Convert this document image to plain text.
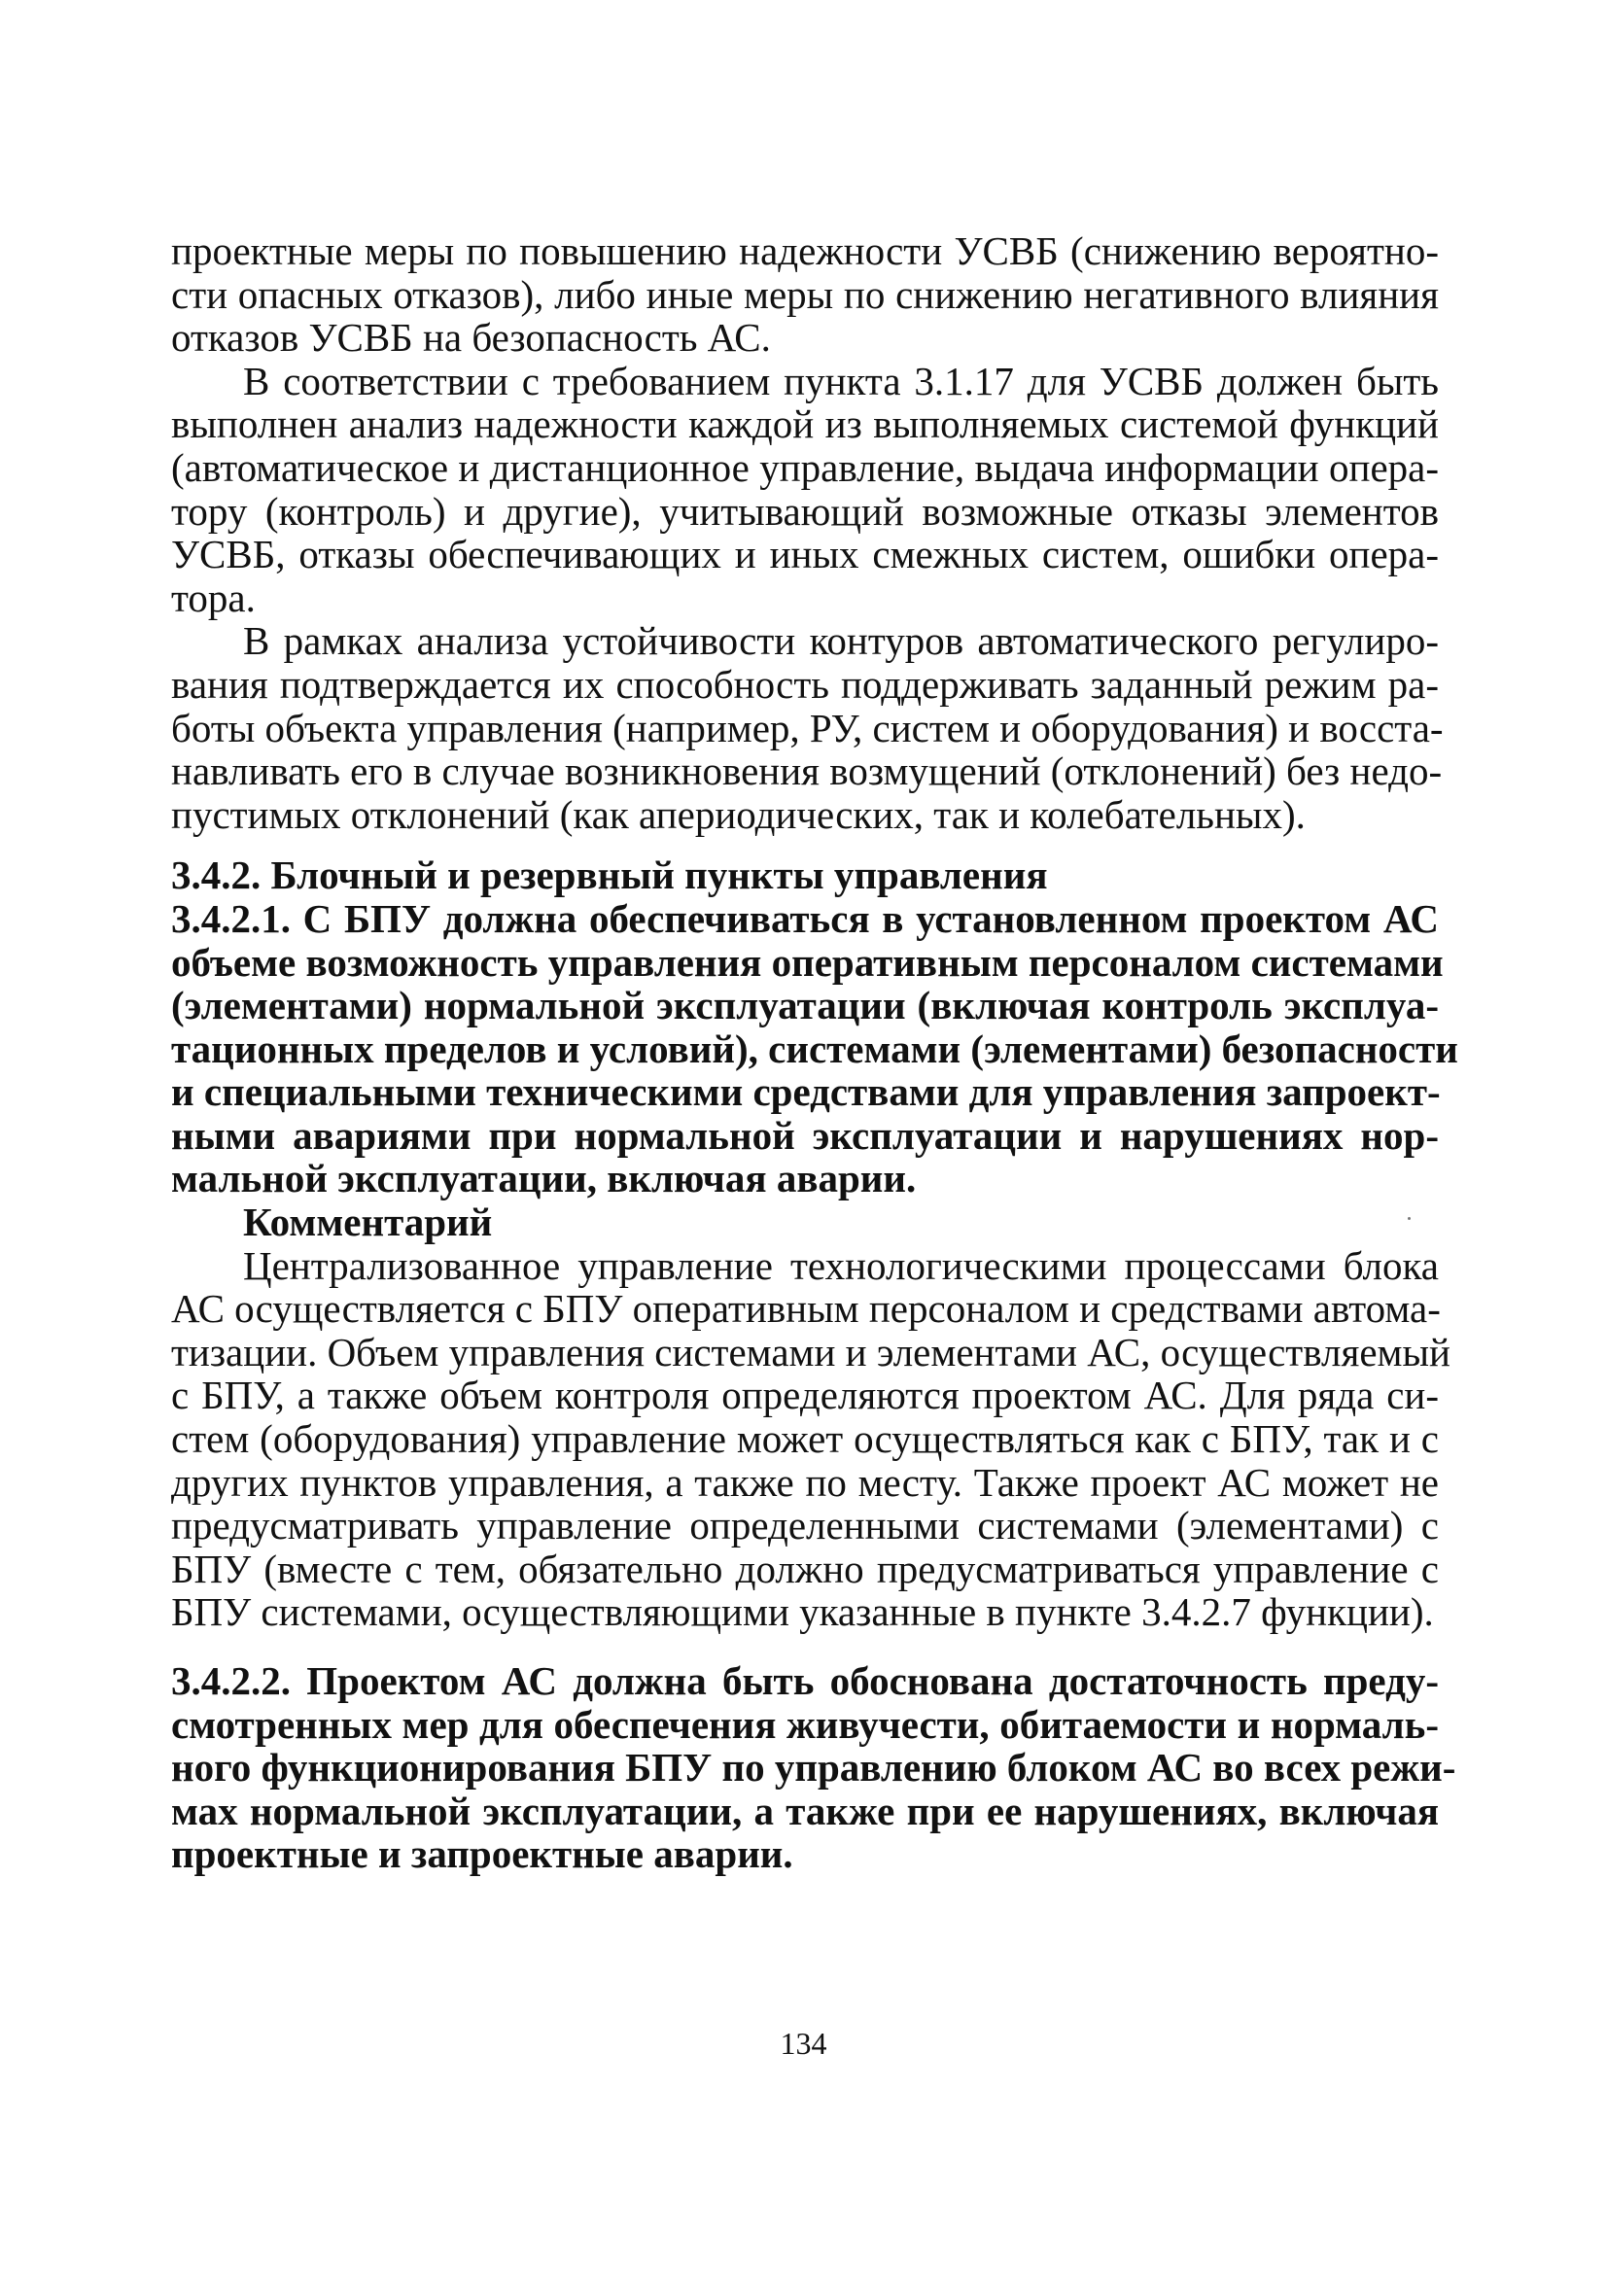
проектные меры по повышению надежности УСВБ (снижению вероятно-
сти опасных отказов), либо иные меры по снижению негативного влияния
отказов УСВБ на безопасность АС.
В соответствии с требованием пункта 3.1.17 для УСВБ должен быть
выполнен анализ надежности каждой из выполняемых системой функций
(автоматическое и дистанционное управление, выдача информации опера-
тору (контроль) и другие), учитывающий возможные отказы элементов
УСВБ, отказы обеспечивающих и иных смежных систем, ошибки опера-
тора.
В рамках анализа устойчивости контуров автоматического регулиро-
вания подтверждается их способность поддерживать заданный режим ра-
боты объекта управления (например, РУ, систем и оборудования) и восста-
навливать его в случае возникновения возмущений (отклонений) без недо-
пустимых отклонений (как апериодических, так и колебательных).
3.4.2. Блочный и резервный пункты управления
3.4.2.1. С БПУ должна обеспечиваться в установленном проектом АС
объеме возможность управления оперативным персоналом системами
(элементами) нормальной эксплуатации (включая контроль эксплуа-
тационных пределов и условий), системами (элементами) безопасности
и специальными техническими средствами для управления запроект-
ными авариями при нормальной эксплуатации и нарушениях нор-
мальной эксплуатации, включая аварии.
Комментарий
Централизованное управление технологическими процессами блока
АС осуществляется с БПУ оперативным персоналом и средствами автома-
тизации. Объем управления системами и элементами АС, осуществляемый
с БПУ, а также объем контроля определяются проектом АС. Для ряда си-
стем (оборудования) управление может осуществляться как с БПУ, так и с
других пунктов управления, а также по месту. Также проект АС может не
предусматривать управление определенными системами (элементами) с
БПУ (вместе с тем, обязательно должно предусматриваться управление с
БПУ системами, осуществляющими указанные в пункте 3.4.2.7 функции).
3.4.2.2. Проектом АС должна быть обоснована достаточность преду-
смотренных мер для обеспечения живучести, обитаемости и нормаль-
ного функционирования БПУ по управлению блоком АС во всех режи-
мах нормальной эксплуатации, а также при ее нарушениях, включая
проектные и запроектные аварии.
134
